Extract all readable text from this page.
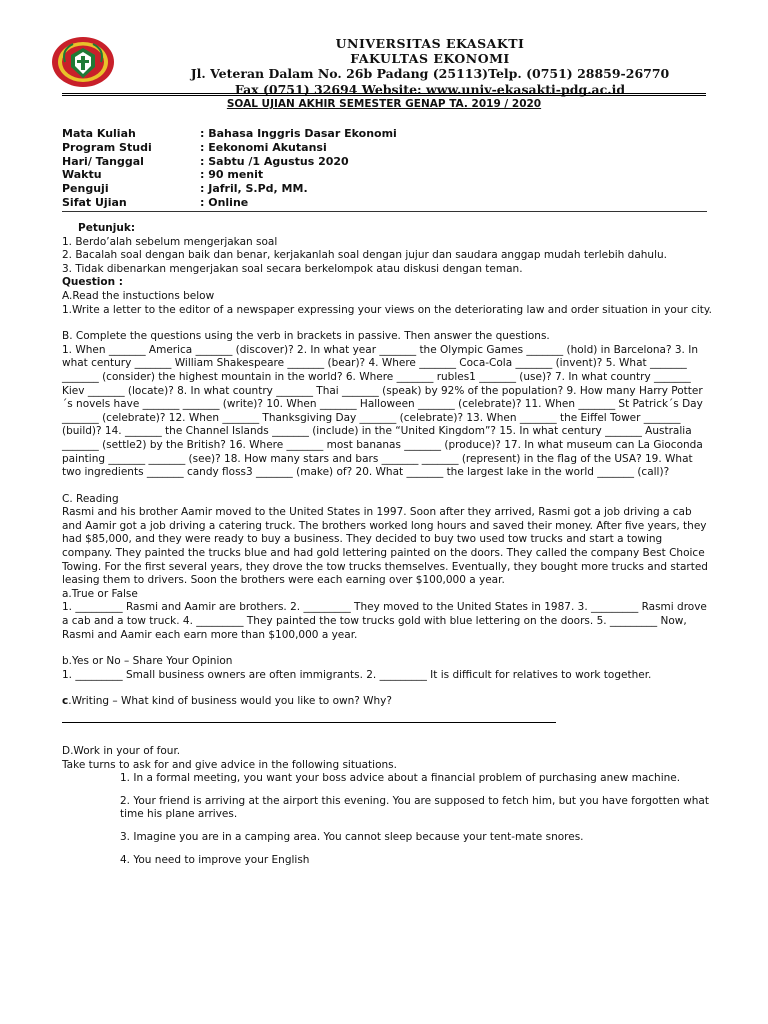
UNIVERSITAS EKASAKTI
FAKULTAS EKONOMI
Jl. Veteran Dalam No. 26b Padang (25113)Telp. (0751) 28859-26770
Fax (0751) 32694 Website: www.univ-ekasakti-pdg.ac.id
SOAL UJIAN AKHIR SEMESTER GENAP TA. 2019 / 2020
Mata Kuliah	: Bahasa Inggris Dasar Ekonomi
Program Studi	: Eekonomi Akutansi
Hari/ Tanggal	: Sabtu /1 Agustus 2020
Waktu	: 90 menit
Penguji	: Jafril, S.Pd, MM.
Sifat Ujian	: Online

Petunjuk:

1. Berdo’alah sebelum mengerjakan soal

2. Bacalah soal dengan baik dan benar, kerjakanlah soal dengan jujur dan saudara anggap mudah terlebih dahulu.

3. Tidak dibenarkan mengerjakan soal secara berkelompok atau diskusi dengan teman.

Question :

A.Read the instuctions below

1.Write a letter to the editor of a newspaper expressing your views on the deteriorating law and order situation in your city.

B. Complete the questions using the verb in brackets in passive. Then answer the questions.

1. When _______ America _______ (discover)? 2. In what year _______ the Olympic Games _______ (hold) in Barcelona? 3. In what century _______ William Shakespeare _______ (bear)? 4. Where _______ Coca-Cola _______ (invent)? 5. What _______ _______ (consider) the highest mountain in the world? 6. Where _______ rubles1 _______ (use)? 7. In what country _______ Kiev _______ (locate)? 8. In what country _______ Thai _______ (speak) by 92% of the population? 9. How many Harry Potter´s novels have _______ _______ (write)? 10. When _______ Halloween _______ (celebrate)? 11. When _______ St Patrick´s Day _______ (celebrate)? 12. When _______ Thanksgiving Day _______ (celebrate)? 13. When _______ the Eiffel Tower _______ (build)? 14. _______ the Channel Islands _______ (include) in the “United Kingdom”? 15. In what century _______ Australia _______ (settle2) by the British? 16. Where _______ most bananas _______ (produce)? 17. In what museum can La Gioconda painting _______ _______ (see)? 18. How many stars and bars _______ _______ (represent) in the flag of the USA? 19. What two ingredients _______ candy floss3 _______ (make) of? 20. What _______ the largest lake in the world _______ (call)?

C. Reading

Rasmi and his brother Aamir moved to the United States in 1997. Soon after they arrived, Rasmi got a job driving a cab and Aamir got a job driving a catering truck. The brothers worked long hours and saved their money. After five years, they had $85,000, and they were ready to buy a business. They decided to buy two used tow trucks and start a towing company. They painted the trucks blue and had gold lettering painted on the doors. They called the company Best Choice Towing. For the first several years, they drove the tow trucks themselves. Eventually, they bought more trucks and started leasing them to drivers. Soon the brothers were each earning over $100,000 a year.

a.True or False

1. _________ Rasmi and Aamir are brothers. 2. _________ They moved to the United States in 1987. 3. _________ Rasmi drove a cab and a tow truck. 4. _________ They painted the tow trucks gold with blue lettering on the doors. 5. _________ Now, Rasmi and Aamir each earn more than $100,000 a year.

b.Yes or No – Share Your Opinion

1. _________ Small business owners are often immigrants. 2. _________ It is difficult for relatives to work together.

c.Writing – What kind of business would you like to own? Why?

D.Work in your of four.

Take turns to ask for and give advice in the following situations.

1. In a formal meeting, you want your boss advice about a financial problem of purchasing anew machine.

2. Your friend is arriving at the airport this evening. You are supposed to fetch him, but you have forgotten what time his plane arrives.

3. Imagine you are in a camping area. You cannot sleep because your tent-mate snores.

4. You need to improve your English
